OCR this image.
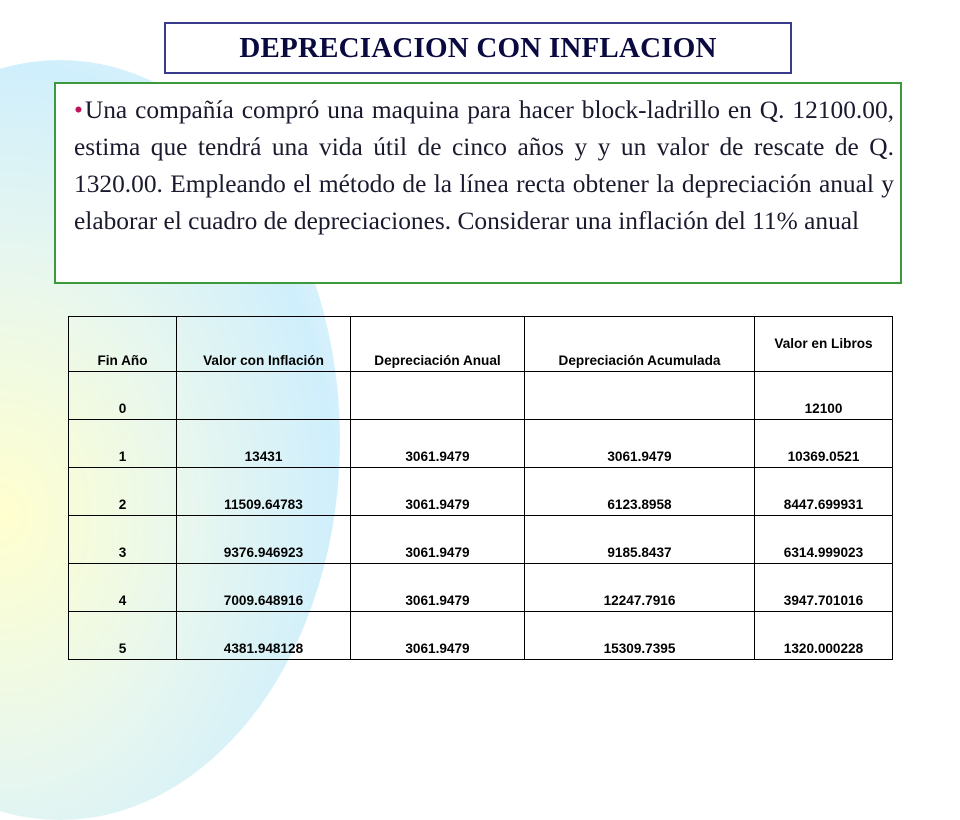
DEPRECIACION CON INFLACION
•Una compañía compró una maquina para hacer block-ladrillo en Q. 12100.00, estima que tendrá una vida útil de cinco años y y un valor de rescate de Q. 1320.00. Empleando el método de la línea recta obtener la depreciación anual y elaborar el cuadro de depreciaciones. Considerar una inflación del 11% anual
Fin Año	Valor con Inflación	Depreciación Anual	Depreciación Acumulada	Valor en Libros
0				12100
1	13431	3061.9479	3061.9479	10369.0521
2	11509.64783	3061.9479	6123.8958	8447.699931
3	9376.946923	3061.9479	9185.8437	6314.999023
4	7009.648916	3061.9479	12247.7916	3947.701016
5	4381.948128	3061.9479	15309.7395	1320.000228
